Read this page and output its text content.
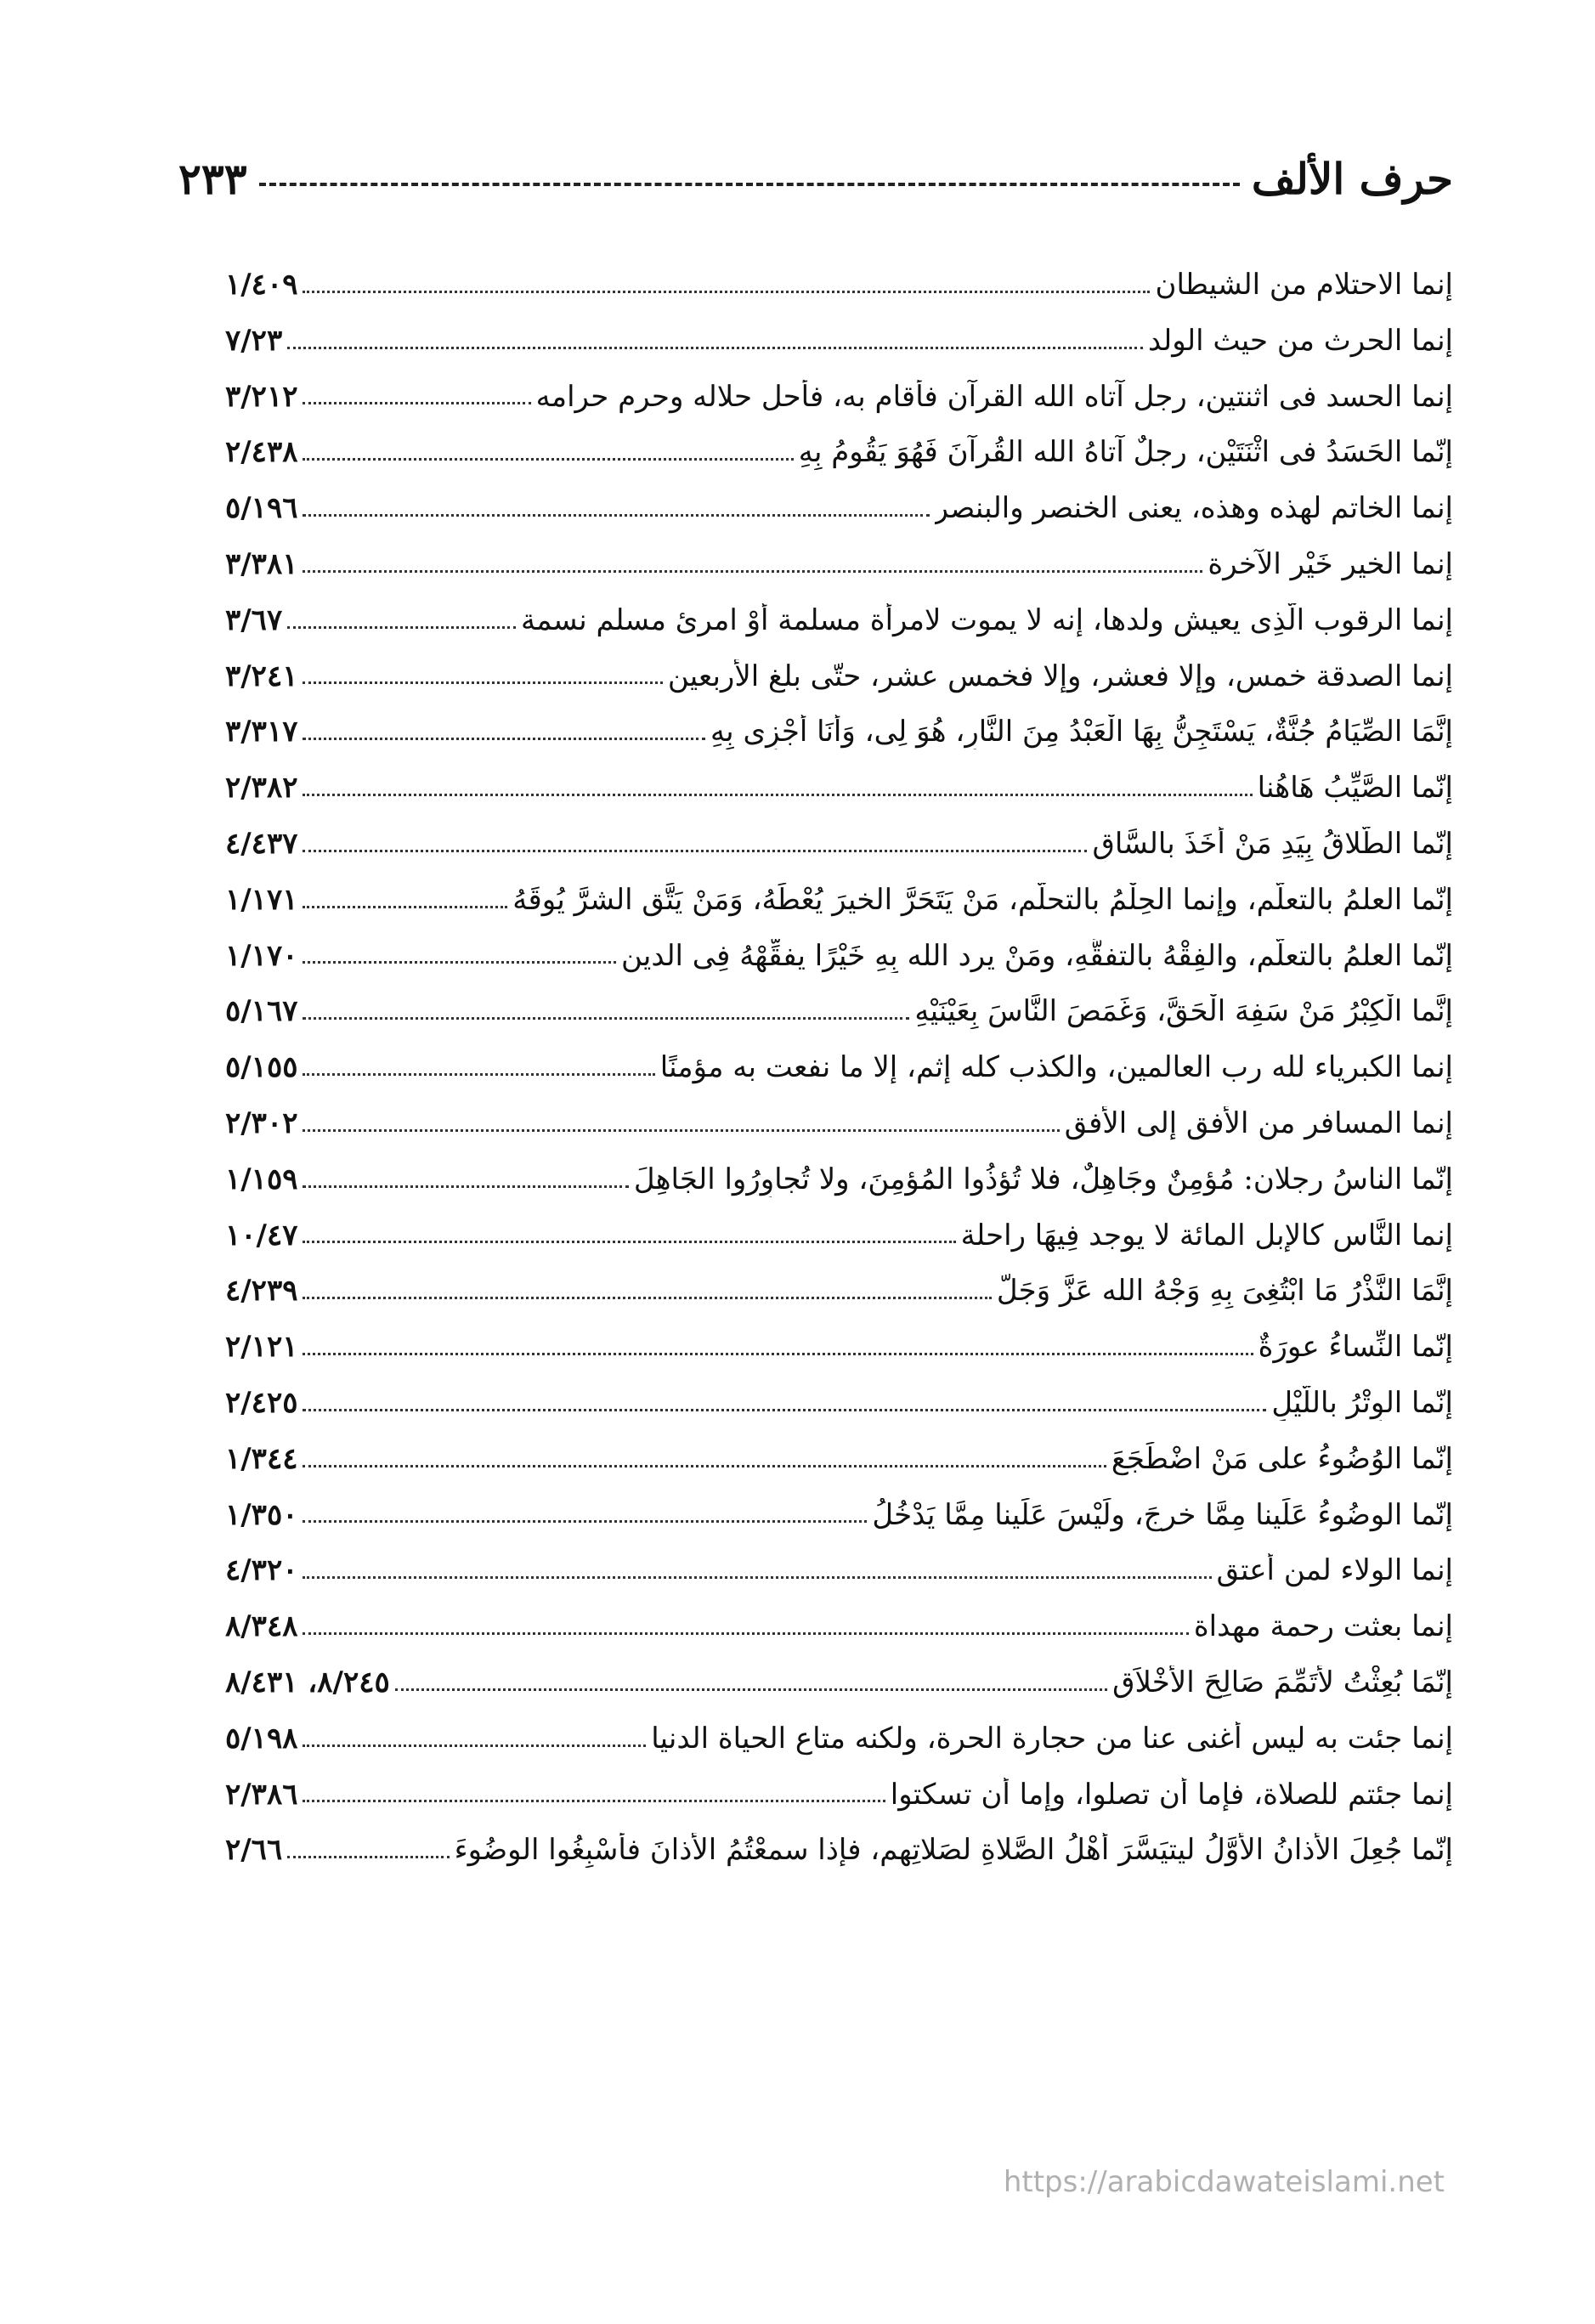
حرف الألف
٢٣٣
إنما الاحتلام من الشيطان
١/٤٠٩
إنما الحرث من حيث الولد
٧/٢٣
إنما الحسد فى اثنتين، رجل آتاه الله القرآن فأقام به، فأحل حلاله وحرم حرامه
٣/٢١٢
إنّما الحَسَدُ فى اثْنَتَيْنِ، رجلٌ آتاهُ الله القُرآنَ فَهُوَ يَقُومُ بِهِ
٢/٤٣٨
إنما الخاتم لهذه وهذه، يعنى الخنصر والبنصر
٥/١٩٦
إنما الخير خَيْر الآخرة
٣/٣٨١
إنما الرقوب الَّذِى يعيش ولدها، إنه لا يموت لامرأة مسلمة أوْ امرئ مسلم نسمة
٣/٦٧
إنما الصدقة خمس، وإلا فعشر، وإلا فخمس عشر، حتّى بلغ الأربعين
٣/٢٤١
إنَّمَا الصِّيَامُ جُنَّةٌ، يَسْتَجِنُّ بِهَا الْعَبْدُ مِنَ النَّارِ، هُوَ لِى، وَأَنَا أَجْزِى بِهِ
٣/٣١٧
إنّما الصَّيِّبُ هَاهُنا
٢/٣٨٢
إنّما الطَّلاقُ بِيَدِ مَنْ أَخَذَ بالسَّاقِ
٤/٤٣٧
إنّما العلمُ بالتعلُّم، وإنما الحِلْمُ بالتحلُّم، مَنْ يَتَحَرَّ الخيرَ يُعْطَهُ، وَمَنْ يَتَّقِ الشرَّ يُوقَهُ
١/١٧١
إنّما العلمُ بالتعلُّم، والفِقْهُ بالتفقُّهِ، ومَنْ يرد الله بِهِ خَيْرًا يفقِّهْهُ فِى الدين
١/١٧٠
إنَّما الْكِبْرُ مَنْ سَفِهَ الْحَقَّ، وَغَمَصَ النَّاسَ بِعَيْنَيْهِ
٥/١٦٧
إنما الكبرياء لله رب العالمين، والكذب كله إثم، إلا ما نفعت به مؤمنًا
٥/١٥٥
إنما المسافر من الأفق إلى الأفق
٢/٣٠٢
إنّما الناسُ رجلان: مُؤمِنٌ وجَاهِلٌ، فلا تُؤذُوا المُؤمِنَ، ولا تُجاوِرُوا الجَاهِلَ
١/١٥٩
إنما النَّاس كالإبل المائة لا يوجد فِيهَا راحلة
١٠/٤٧
إنَّمَا النَّذْرُ مَا ابْتُغِىَ بِهِ وَجْهُ الله عَزَّ وَجَلَّ
٤/٢٣٩
إنّما النِّساءُ عورَةٌ
٢/١٢١
إنّما الوِتْرُ باللَّيْلِ
٢/٤٢٥
إنّما الوُضُوءُ على مَنْ اضْطَجَعَ
١/٣٤٤
إنّما الوضُوءُ عَلَينا مِمَّا خرجَ، ولَيْسَ عَلَينا مِمَّا يَدْخُلُ
١/٣٥٠
إنما الولاء لمن أعتق
٤/٣٢٠
إنما بعثت رحمة مهداة
٨/٣٤٨
إنّمَا بُعِثْتُ لأُتَمِّمَ صَالِحَ الأَخْلاَقِ
٨/٢٤٥، ٨/٤٣١
إنما جئت به ليس أغنى عنا من حجارة الحرة، ولكنه متاع الحياة الدنيا
٥/١٩٨
إنما جئتم للصلاة، فإما أن تصلوا، وإما أن تسكتوا
٢/٣٨٦
إنّما جُعِلَ الأذانُ الأوَّلُ ليتيَسَّرَ أَهْلُ الصَّلاةِ لصَلاتِهِم، فإذا سمعْتُمُ الأذانَ فأسْبِغُوا الوضُوءَ
٢/٦٦
https://arabicdawateislami.net
